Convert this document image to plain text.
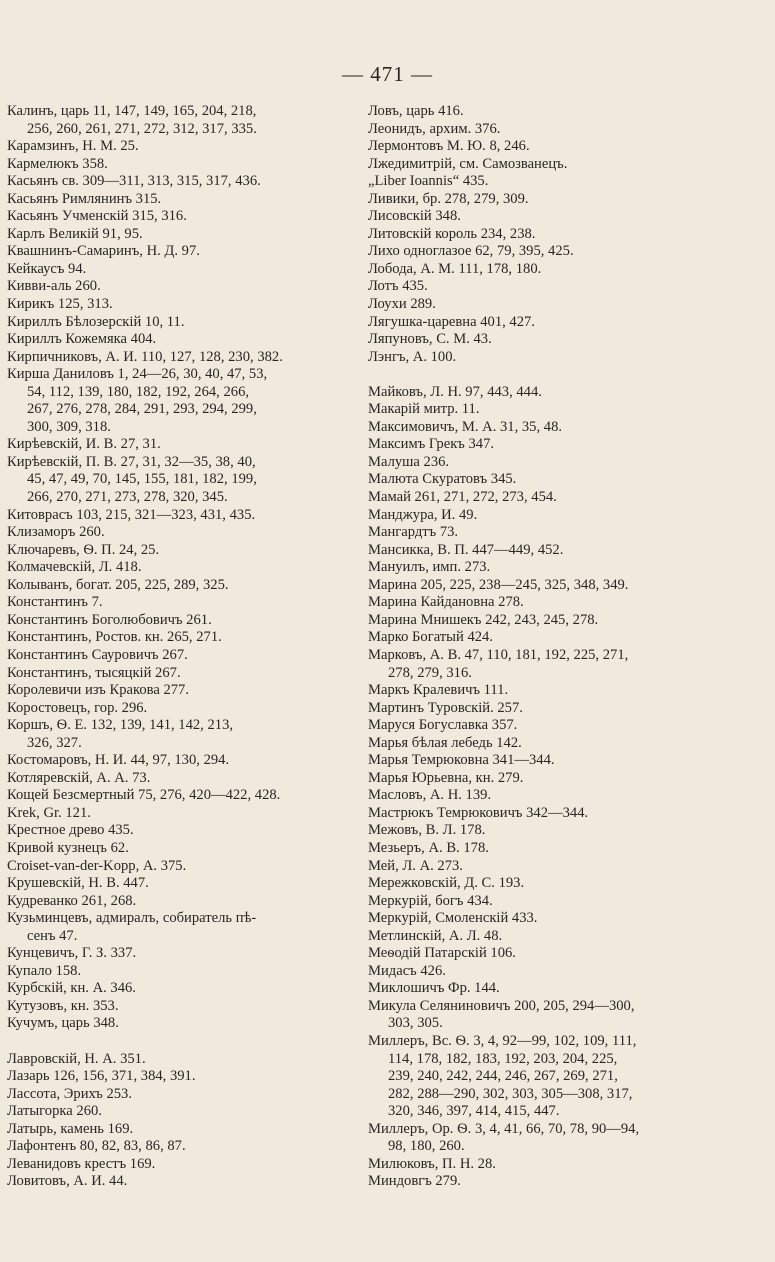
— 471 —
Калинъ, царь 11, 147, 149, 165, 204, 218,
256, 260, 261, 271, 272, 312, 317, 335.
Карамзинъ, Н. М. 25.
Кармелюкъ 358.
Касьянъ св. 309—311, 313, 315, 317, 436.
Касьянъ Римлянинъ 315.
Касьянъ Учменскій 315, 316.
Карлъ Великій 91, 95.
Квашнинъ-Самаринъ, Н. Д. 97.
Кейкаусъ 94.
Кивви-аль 260.
Кирикъ 125, 313.
Кириллъ Бѣлозерскій 10, 11.
Кириллъ Кожемяка 404.
Кирпичниковъ, А. И. 110, 127, 128, 230, 382.
Кирша Даниловъ 1, 24—26, 30, 40, 47, 53,
54, 112, 139, 180, 182, 192, 264, 266,
267, 276, 278, 284, 291, 293, 294, 299,
300, 309, 318.
Кирѣевскій, И. В. 27, 31.
Кирѣевскій, П. В. 27, 31, 32—35, 38, 40,
45, 47, 49, 70, 145, 155, 181, 182, 199,
266, 270, 271, 273, 278, 320, 345.
Китоврасъ 103, 215, 321—323, 431, 435.
Клизаморъ 260.
Ключаревъ, Ѳ. П. 24, 25.
Колмачевскій, Л. 418.
Колыванъ, богат. 205, 225, 289, 325.
Константинъ 7.
Константинъ Боголюбовичъ 261.
Константинъ, Ростов. кн. 265, 271.
Константинъ Сауровичъ 267.
Константинъ, тысяцкій 267.
Королевичи изъ Кракова 277.
Коростовецъ, гор. 296.
Коршъ, Ѳ. Е. 132, 139, 141, 142, 213,
326, 327.
Костомаровъ, Н. И. 44, 97, 130, 294.
Котляревскій, А. А. 73.
Кощей Безсмертный 75, 276, 420—422, 428.
Krek, Gr. 121.
Крестное древо 435.
Кривой кузнецъ 62.
Croiset-van-der-Kopp, А. 375.
Крушевскій, Н. В. 447.
Кудреванко 261, 268.
Кузьминцевъ, адмиралъ, собиратель пѣ-
сенъ 47.
Кунцевичъ, Г. З. 337.
Купало 158.
Курбскій, кн. А. 346.
Кутузовъ, кн. 353.
Кучумъ, царь 348.
Лавровскій, Н. А. 351.
Лазарь 126, 156, 371, 384, 391.
Лассота, Эрихъ 253.
Латыгорка 260.
Латырь, камень 169.
Лафонтенъ 80, 82, 83, 86, 87.
Леванидовъ крестъ 169.
Ловитовъ, А. И. 44.
Ловъ, царь 416.
Леонидъ, архим. 376.
Лермонтовъ М. Ю. 8, 246.
Лжедимитрій, см. Самозванецъ.
„Liber Ioannis“ 435.
Ливики, бр. 278, 279, 309.
Лисовскій 348.
Литовскій король 234, 238.
Лихо одноглазое 62, 79, 395, 425.
Лобода, А. М. 111, 178, 180.
Лотъ 435.
Лоухи 289.
Лягушка-царевна 401, 427.
Ляпуновъ, С. М. 43.
Лэнгъ, А. 100.
Майковъ, Л. Н. 97, 443, 444.
Макарій митр. 11.
Максимовичъ, М. А. 31, 35, 48.
Максимъ Грекъ 347.
Малуша 236.
Малюта Скуратовъ 345.
Мамай 261, 271, 272, 273, 454.
Манджура, И. 49.
Мангардтъ 73.
Мансикка, В. П. 447—449, 452.
Мануилъ, имп. 273.
Марина 205, 225, 238—245, 325, 348, 349.
Марина Кайдановна 278.
Марина Мнишекъ 242, 243, 245, 278.
Марко Богатый 424.
Марковъ, А. В. 47, 110, 181, 192, 225, 271,
278, 279, 316.
Маркъ Кралевичъ 111.
Мартинъ Туровскій. 257.
Маруся Богуславка 357.
Марья бѣлая лебедь 142.
Марья Темрюковна 341—344.
Марья Юрьевна, кн. 279.
Масловъ, А. Н. 139.
Мастрюкъ Темрюковичъ 342—344.
Межовъ, В. Л. 178.
Мезьеръ, А. В. 178.
Мей, Л. А. 273.
Мережковскій, Д. С. 193.
Меркурій, богъ 434.
Меркурій, Смоленскій 433.
Метлинскій, А. Л. 48.
Меѳодій Патарскій 106.
Мидасъ 426.
Миклошичъ Фр. 144.
Микула Селяниновичъ 200, 205, 294—300,
303, 305.
Миллеръ, Вс. Ѳ. 3, 4, 92—99, 102, 109, 111,
114, 178, 182, 183, 192, 203, 204, 225,
239, 240, 242, 244, 246, 267, 269, 271,
282, 288—290, 302, 303, 305—308, 317,
320, 346, 397, 414, 415, 447.
Миллеръ, Ор. Ѳ. 3, 4, 41, 66, 70, 78, 90—94,
98, 180, 260.
Милюковъ, П. Н. 28.
Миндовгъ 279.
